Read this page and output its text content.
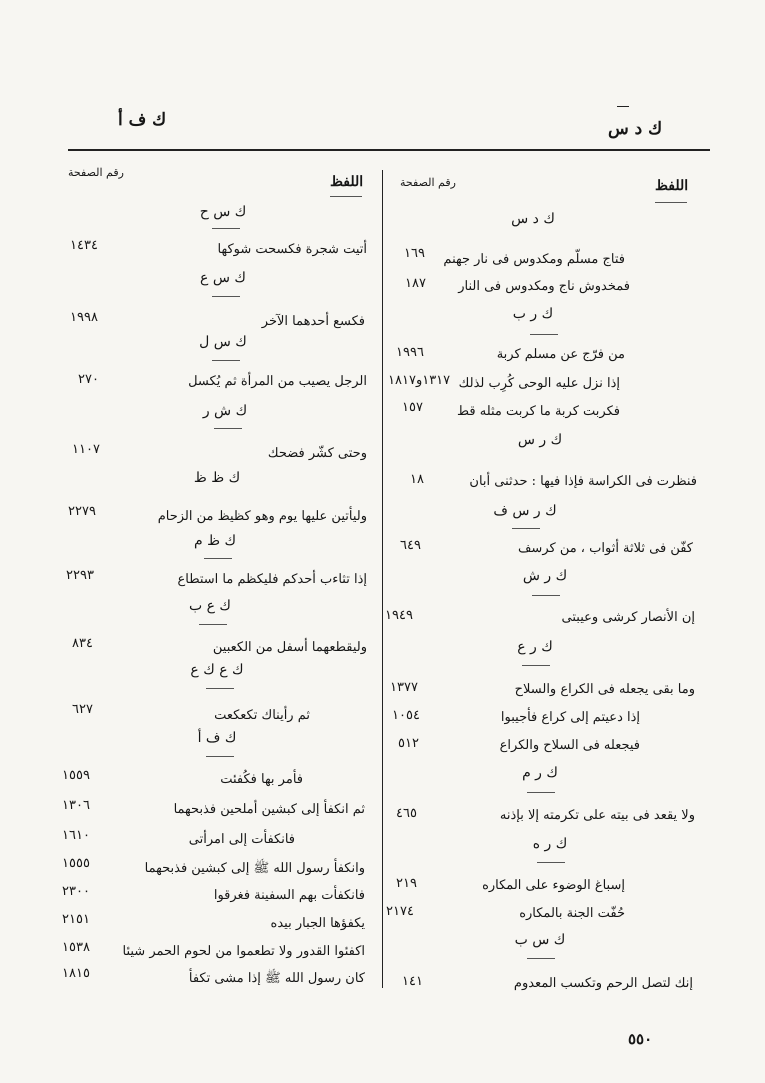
ك د س
ك ف أ
اللفظ
رقم الصفحة
اللفظ
رقم الصفحة
ك د س
فتاج مسلّم ومكدوس فى نار جهنم
١٦٩
فمخدوش ناج ومكدوس فى النار
١٨٧
ك ر ب
من فرّج عن مسلم كربة
١٩٩٦
إذا نزل عليه الوحى كُرِب لذلك
١٣١٧و١٨١٧
فكربت كربة ما كربت مثله قط
١٥٧
ك ر س
فنظرت فى الكراسة فإذا فيها : حدثنى أبان
١٨
ك ر س ف
كفّن فى ثلاثة أثواب ، من كرسف
٦٤٩
ك ر ش
إن الأنصار كرشى وعيبتى
١٩٤٩
ك ر ع
وما بقى يجعله فى الكراع والسلاح
١٣٧٧
إذا دعيتم إلى كراع فأجيبوا
١٠٥٤
فيجعله فى السلاح والكراع
٥١٢
ك ر م
ولا يقعد فى بيته على تكرمته إلا بإذنه
٤٦٥
ك ر ه
إسباغ الوضوء على المكاره
٢١٩
حُفّت الجنة بالمكاره
٢١٧٤
ك س ب
إنك لتصل الرحم وتكسب المعدوم
١٤١
ك س ح
أتيت شجرة فكسحت شوكها
١٤٣٤
ك س ع
فكسع أحدهما الآخر
١٩٩٨
ك س ل
الرجل يصيب من المرأة ثم يُكسل
٢٧٠
ك ش ر
وحتى كشّر فضحك
١١٠٧
ك ظ ظ
وليأتين عليها يوم وهو كظيظ من الزحام
٢٢٧٩
ك ظ م
إذا تثاءب أحدكم فليكظم ما استطاع
٢٢٩٣
ك ع ب
وليقطعهما أسفل من الكعبين
٨٣٤
ك ع ك ع
ثم رأيناك تكعكعت
٦٢٧
ك ف أ
فأمر بها فكُفئت
١٥٥٩
ثم انكفأ إلى كبشين أملحين فذبحهما
١٣٠٦
فانكفأت إلى امرأتى
١٦١٠
وانكفأ رسول الله ﷺ إلى كبشين فذبحهما
١٥٥٥
فانكفأت بهم السفينة فغرقوا
٢٣٠٠
يكفؤها الجبار بيده
٢١٥١
اكفئوا القدور ولا تطعموا من لحوم الحمر شيئا
١٥٣٨
كان رسول الله ﷺ إذا مشى تكفأ
١٨١٥
٥٥٠
